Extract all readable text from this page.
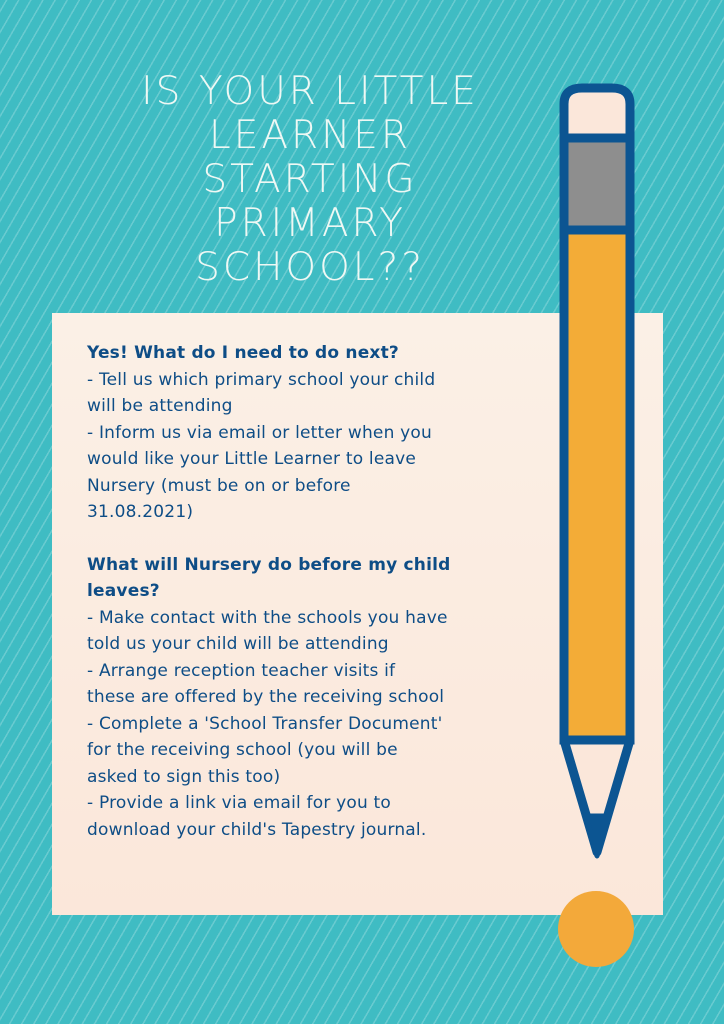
IS YOUR LITTLE
LEARNER
STARTING
PRIMARY
SCHOOL??
Yes! What do I need to do next?
- Tell us which primary school your child
will be attending
- Inform us via email or letter when you
would like your Little Learner to leave
Nursery (must be on or before
31.08.2021)
What will Nursery do before my child
leaves?
- Make contact with the schools you have
told us your child will be attending
- Arrange reception teacher visits if
these are offered by the receiving school
- Complete a 'School Transfer Document'
for the receiving school (you will be
asked to sign this too)
- Provide a link via email for you to
download your child's Tapestry journal.
